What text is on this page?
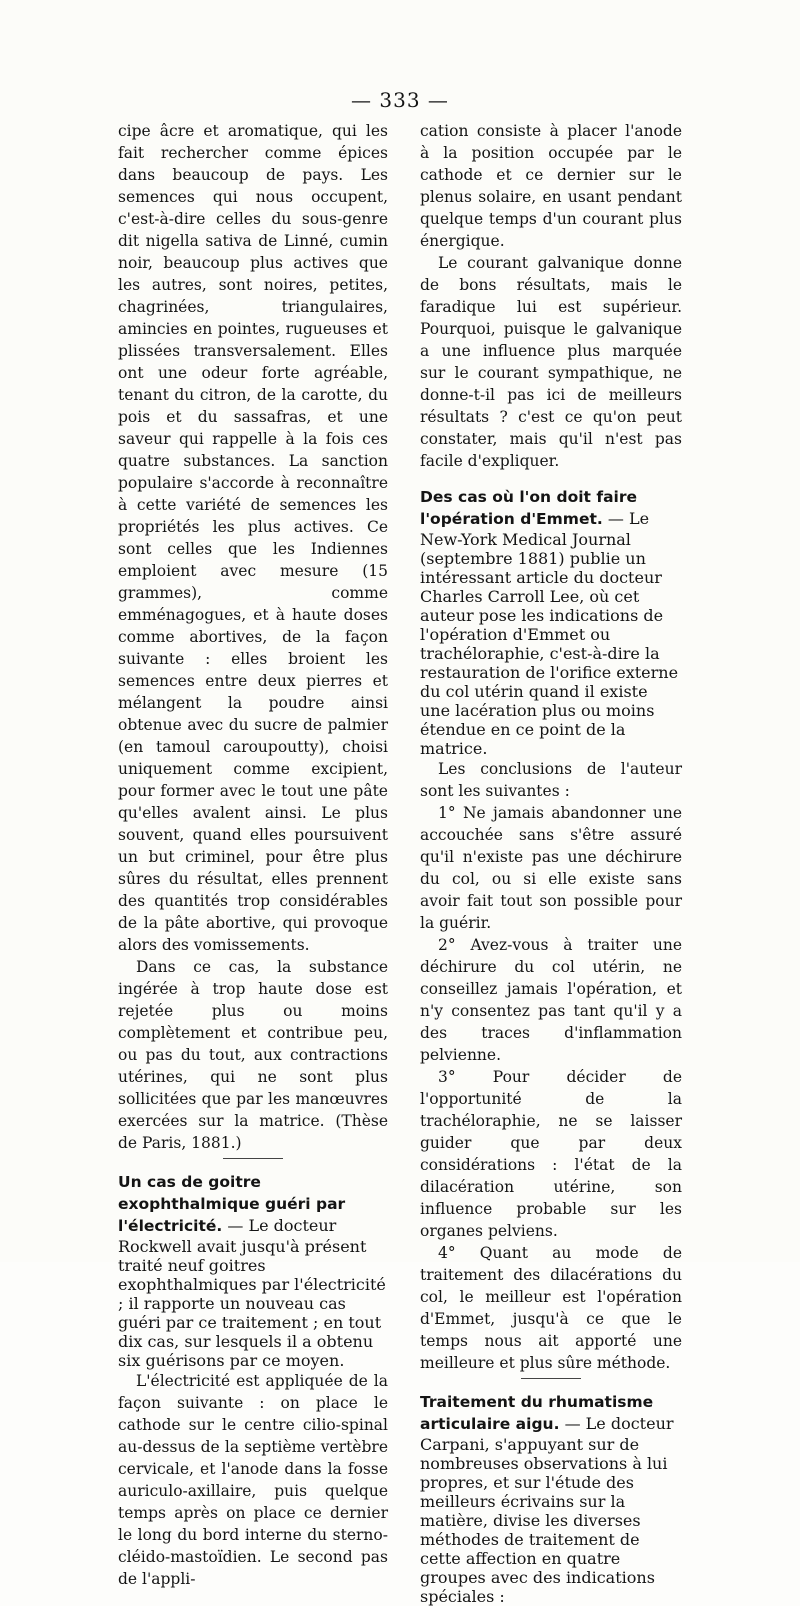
— 333 —

cipe âcre et aromatique, qui les fait rechercher comme épices dans beaucoup de pays. Les semences qui nous occupent, c'est-à-dire celles du sous-genre dit nigella sativa de Linné, cumin noir, beaucoup plus actives que les autres, sont noires, petites, chagrinées, triangulaires, amincies en pointes, rugueuses et plissées transversalement. Elles ont une odeur forte agréable, tenant du citron, de la carotte, du pois et du sassafras, et une saveur qui rappelle à la fois ces quatre substances. La sanction populaire s'accorde à reconnaître à cette variété de semences les propriétés les plus actives. Ce sont celles que les Indiennes emploient avec mesure (15 grammes), comme emménagogues, et à haute doses comme abortives, de la façon suivante : elles broient les semences entre deux pierres et mélangent la poudre ainsi obtenue avec du sucre de palmier (en tamoul caroupoutty), choisi uniquement comme excipient, pour former avec le tout une pâte qu'elles avalent ainsi. Le plus souvent, quand elles poursuivent un but criminel, pour être plus sûres du résultat, elles prennent des quantités trop considérables de la pâte abortive, qui provoque alors des vomissements.

Dans ce cas, la substance ingérée à trop haute dose est rejetée plus ou moins complètement et contribue peu, ou pas du tout, aux contractions utérines, qui ne sont plus sollicitées que par les manœuvres exercées sur la matrice. (Thèse de Paris, 1881.)

Un cas de goitre exophthalmique guéri par l'électricité. — Le docteur Rockwell avait jusqu'à présent traité neuf goitres exophthalmiques par l'électricité ; il rapporte un nouveau cas guéri par ce traitement ; en tout dix cas, sur lesquels il a obtenu six guérisons par ce moyen.

L'électricité est appliquée de la façon suivante : on place le cathode sur le centre cilio-spinal au-dessus de la septième vertèbre cervicale, et l'anode dans la fosse auriculo-axillaire, puis quelque temps après on place ce dernier le long du bord interne du sterno-cléido-mastoïdien. Le second pas de l'appli-

cation consiste à placer l'anode à la position occupée par le cathode et ce dernier sur le plenus solaire, en usant pendant quelque temps d'un courant plus énergique.

Le courant galvanique donne de bons résultats, mais le faradique lui est supérieur. Pourquoi, puisque le galvanique a une influence plus marquée sur le courant sympathique, ne donne-t-il pas ici de meilleurs résultats ? c'est ce qu'on peut constater, mais qu'il n'est pas facile d'expliquer.

Des cas où l'on doit faire l'opération d'Emmet. — Le New-York Medical Journal (septembre 1881) publie un intéressant article du docteur Charles Carroll Lee, où cet auteur pose les indications de l'opération d'Emmet ou trachéloraphie, c'est-à-dire la restauration de l'orifice externe du col utérin quand il existe une lacération plus ou moins étendue en ce point de la matrice.

Les conclusions de l'auteur sont les suivantes :

1° Ne jamais abandonner une accouchée sans s'être assuré qu'il n'existe pas une déchirure du col, ou si elle existe sans avoir fait tout son possible pour la guérir.

2° Avez-vous à traiter une déchirure du col utérin, ne conseillez jamais l'opération, et n'y consentez pas tant qu'il y a des traces d'inflammation pelvienne.

3° Pour décider de l'opportunité de la trachéloraphie, ne se laisser guider que par deux considérations : l'état de la dilacération utérine, son influence probable sur les organes pelviens.

4° Quant au mode de traitement des dilacérations du col, le meilleur est l'opération d'Emmet, jusqu'à ce que le temps nous ait apporté une meilleure et plus sûre méthode.

Traitement du rhumatisme articulaire aigu. — Le docteur Carpani, s'appuyant sur de nombreuses observations à lui propres, et sur l'étude des meilleurs écrivains sur la matière, divise les diverses méthodes de traitement de cette affection en quatre groupes avec des indications spéciales :
